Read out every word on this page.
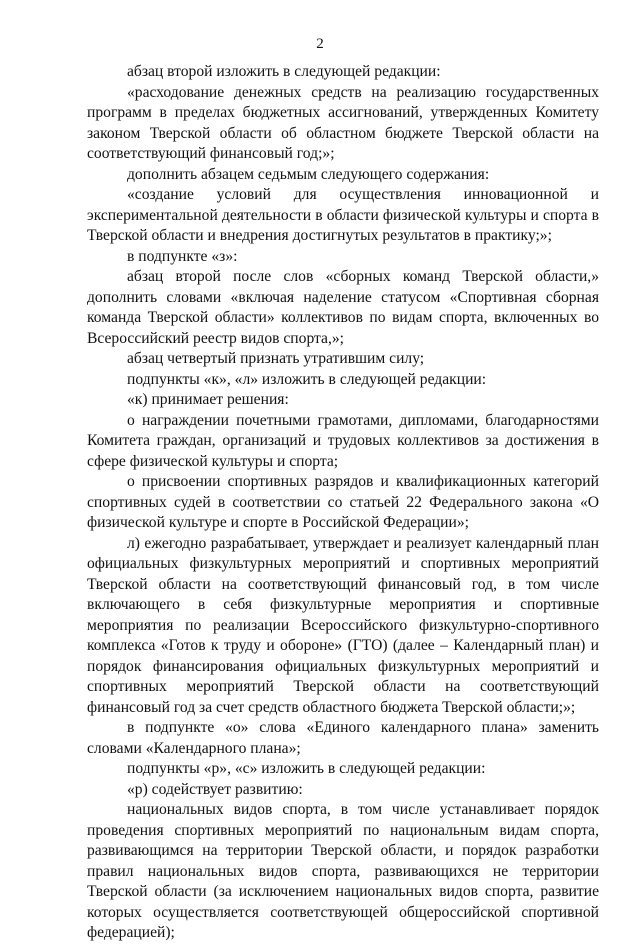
2

абзац второй изложить в следующей редакции:

«расходование денежных средств на реализацию государственных программ в пределах бюджетных ассигнований, утвержденных Комитету законом Тверской области об областном бюджете Тверской области на соответствующий финансовый год;»;

дополнить абзацем седьмым следующего содержания:

«создание условий для осуществления инновационной и экспериментальной деятельности в области физической культуры и спорта в Тверской области и внедрения достигнутых результатов в практику;»;

в подпункте «з»:

абзац второй после слов «сборных команд Тверской области,» дополнить словами «включая наделение статусом «Спортивная сборная команда Тверской области» коллективов по видам спорта, включенных во Всероссийский реестр видов спорта,»;

абзац четвертый признать утратившим силу;

подпункты «к», «л» изложить в следующей редакции:

«к) принимает решения:

о награждении почетными грамотами, дипломами, благодарностями Комитета граждан, организаций и трудовых коллективов за достижения в сфере физической культуры и спорта;

о присвоении спортивных разрядов и квалификационных категорий спортивных судей в соответствии со статьей 22 Федерального закона «О физической культуре и спорте в Российской Федерации»;

л) ежегодно разрабатывает, утверждает и реализует календарный план официальных физкультурных мероприятий и спортивных мероприятий Тверской области на соответствующий финансовый год, в том числе включающего в себя физкультурные мероприятия и спортивные мероприятия по реализации Всероссийского физкультурно-спортивного комплекса «Готов к труду и обороне» (ГТО) (далее – Календарный план) и порядок финансирования официальных физкультурных мероприятий и спортивных мероприятий Тверской области на соответствующий финансовый год за счет средств областного бюджета Тверской области;»;

в подпункте «о» слова «Единого календарного плана» заменить словами «Календарного плана»;

подпункты «р», «с» изложить в следующей редакции:

«р) содействует развитию:

национальных видов спорта, в том числе устанавливает порядок проведения спортивных мероприятий по национальным видам спорта, развивающимся на территории Тверской области, и порядок разработки правил национальных видов спорта, развивающихся не территории Тверской области (за исключением национальных видов спорта, развитие которых осуществляется соответствующей общероссийской спортивной федерацией);
